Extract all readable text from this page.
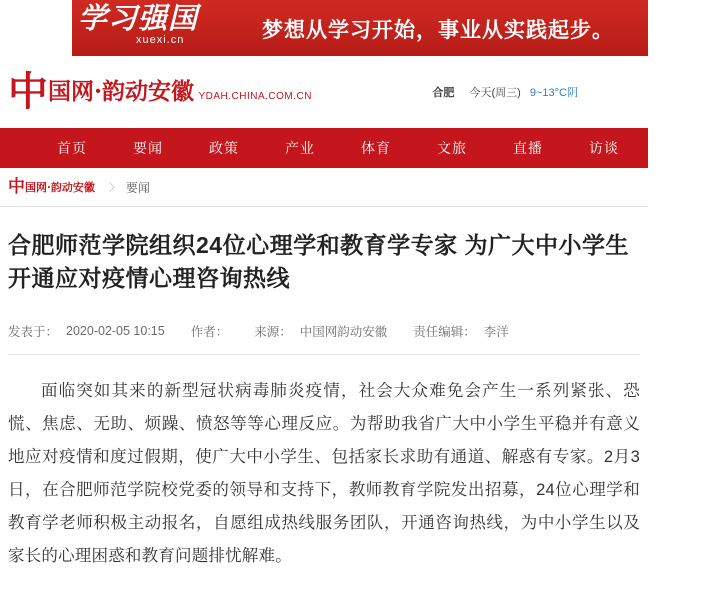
学习强国
xuexi.cn	梦想从学习开始，事业从实践起步。
中 国网·韵动安徽 YDAH.CHINA.COM.CN	合肥 今天(周三) 9~13°C阴
首页	要闻	政策	产业	体育	文旅	直播	访谈	美
中 国网·韵动安徽 〉 要闻
合肥师范学院组织24位心理学和教育学专家 为广大中小学生开通应对疫情心理咨询热线
发表于： 2020-02-05 10:15 作者： 来源： 中国网韵动安徽 责任编辑： 李洋

面临突如其来的新型冠状病毒肺炎疫情，社会大众难免会产生一系列紧张、恐慌、焦虑、无助、烦躁、愤怒等等心理反应。为帮助我省广大中小学生平稳并有意义地应对疫情和度过假期，使广大中小学生、包括家长求助有通道、解惑有专家。2月3日，在合肥师范学院校党委的领导和支持下，教师教育学院发出招募，24位心理学和教育学老师积极主动报名，自愿组成热线服务团队，开通咨询热线，为中小学生以及家长的心理困惑和教育问题排忧解难。
